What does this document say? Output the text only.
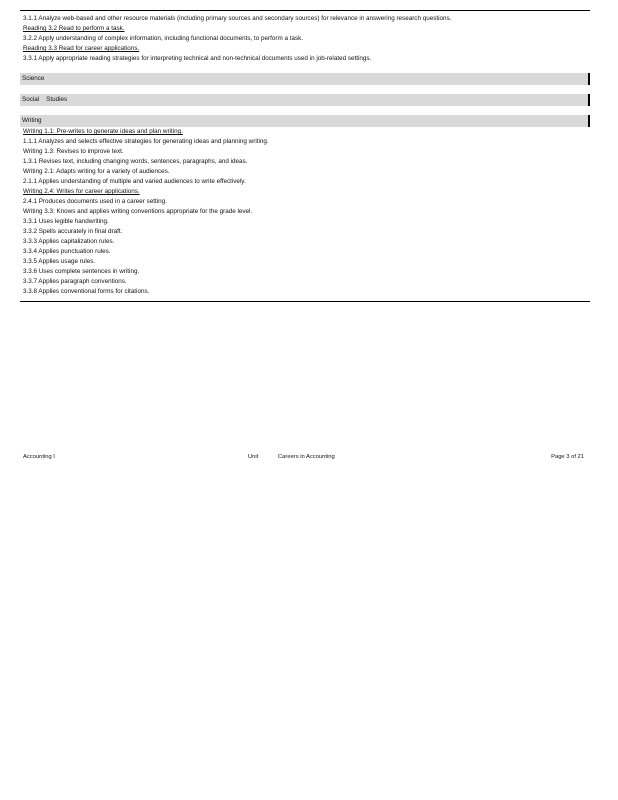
3.1.1 Analyze web-based and other resource materials (including primary sources and secondary sources) for relevance in answering research questions.
Reading 3.2 Read to perform a task.
3.2.2 Apply understanding of complex information, including functional documents, to perform a task.
Reading 3.3 Read for career applications.
3.3.1 Apply appropriate reading strategies for interpreting technical and non-technical documents used in job-related settings.
Science
Social    Studies
Writing
Writing 1.1: Pre-writes to generate ideas and plan writing.
1.1.1 Analyzes and selects effective strategies for generating ideas and planning writing.
Writing 1.3: Revises to improve text.
1.3.1 Revises text, including changing words, sentences, paragraphs, and ideas.
Writing 2.1: Adapts writing for a variety of audiences.
2.1.1 Applies understanding of multiple and varied audiences to write effectively.
Writing 2.4: Writes for career applications.
2.4.1 Produces documents used in a career setting.
Writing 3.3: Knows and applies writing conventions appropriate for the grade level.
3.3.1 Uses legible handwriting.
3.3.2 Spells accurately in final draft.
3.3.3 Applies capitalization rules.
3.3.4 Applies punctuation rules.
3.3.5 Applies usage rules.
3.3.6 Uses complete sentences in writing.
3.3.7 Applies paragraph conventions.
3.3.8 Applies conventional forms for citations.
Accounting I	Unit	Careers in Accounting	Page 3 of 21
